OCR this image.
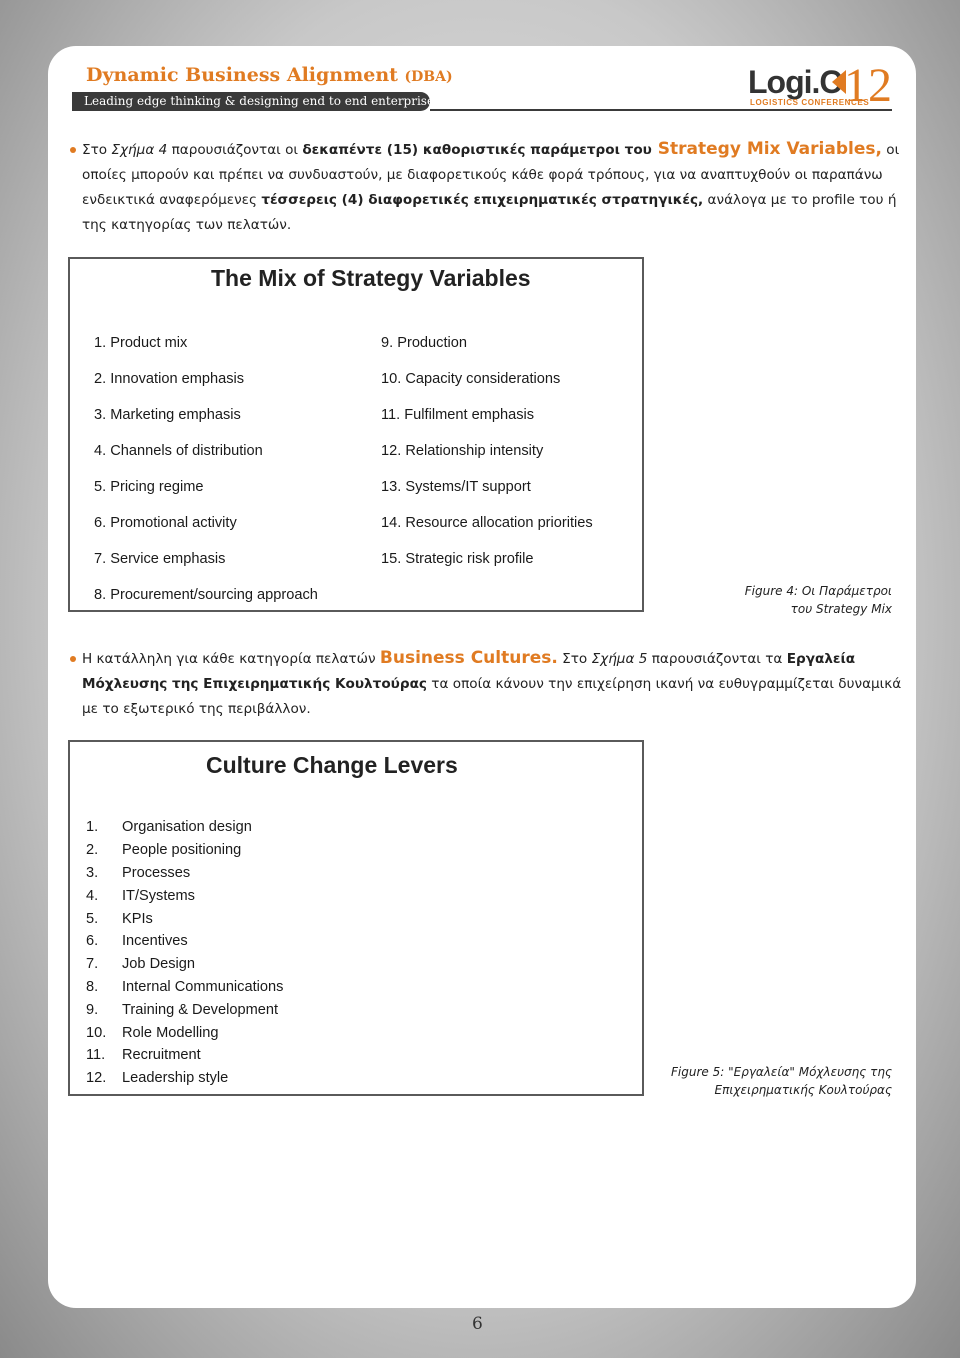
Dynamic Business Alignment (DBA)
Leading edge thinking & designing end to end enterprises
Logi.C 12
LOGISTICS CONFERENCES
Στο Σχήμα 4 παρουσιάζονται οι δεκαπέντε (15) καθοριστικές παράμετροι του Strategy Mix Variables, οι οποίες μπορούν και πρέπει να συνδυαστούν, με διαφορετικούς κάθε φορά τρόπους, για να αναπτυχθούν οι παραπάνω ενδεικτικά αναφερόμενες τέσσερεις (4) διαφορετικές επιχειρηματικές στρατηγικές, ανάλογα με το profile του ή της κατηγορίας των πελατών.
The Mix of Strategy Variables
1. Product mix
2. Innovation emphasis
3. Marketing emphasis
4. Channels of distribution
5. Pricing regime
6. Promotional activity
7. Service emphasis
8. Procurement/sourcing approach
9. Production
10. Capacity considerations
11. Fulfilment emphasis
12. Relationship intensity
13. Systems/IT support
14. Resource allocation priorities
15. Strategic risk profile
Figure 4: Οι Παράμετροι
του Strategy Mix
Η κατάλληλη για κάθε κατηγορία πελατών Business Cultures. Στο Σχήμα 5 παρουσιάζονται τα Εργαλεία Μόχλευσης της Επιχειρηματικής Κουλτούρας τα οποία κάνουν την επιχείρηση ικανή να ευθυγραμμίζεται δυναμικά με το εξωτερικό της περιβάλλον.
Culture Change Levers
1. Organisation design
2. People positioning
3. Processes
4. IT/Systems
5. KPIs
6. Incentives
7. Job Design
8. Internal Communications
9. Training & Development
10. Role Modelling
11. Recruitment
12. Leadership style	Figure 5: "Εργαλεία" Μόχλευσης της
Επιχειρηματικής Κουλτούρας
6
